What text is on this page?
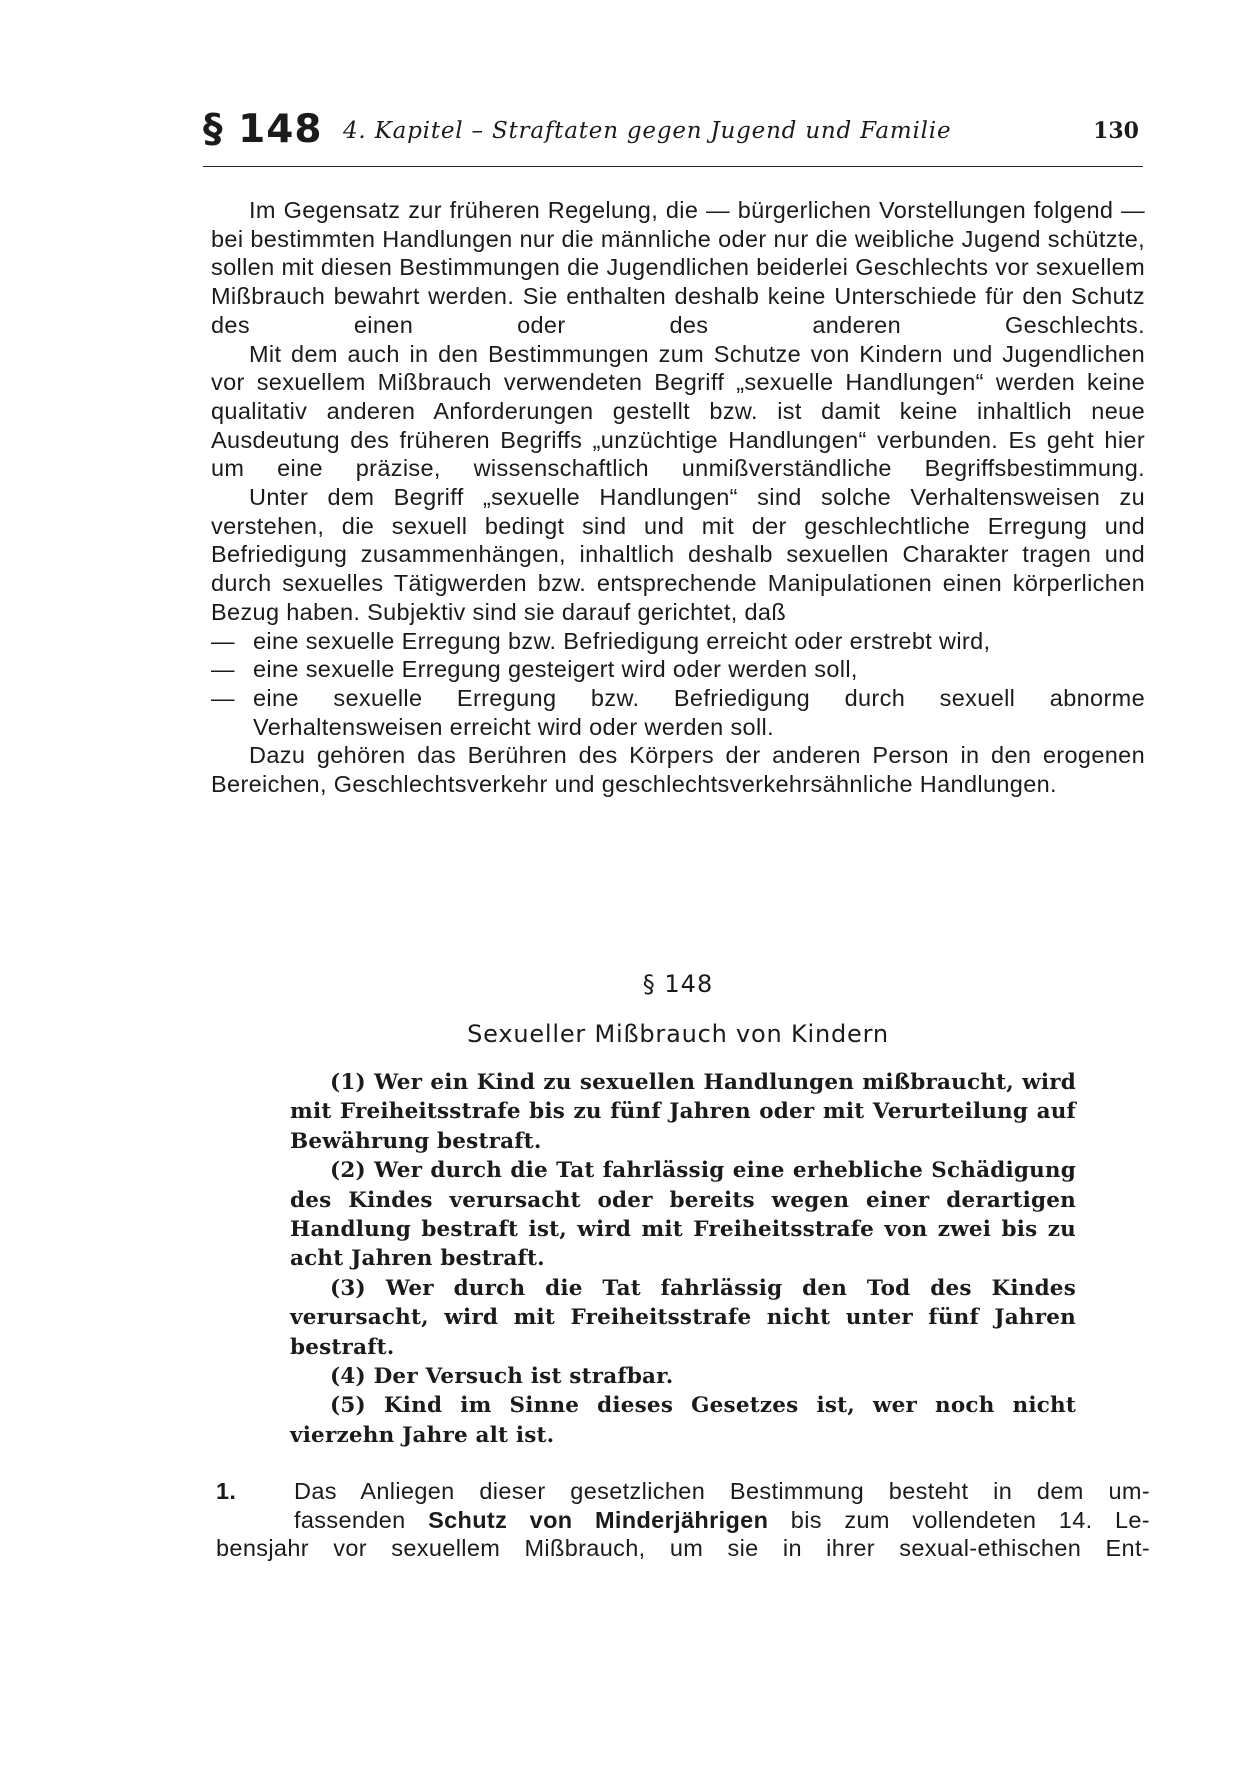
§ 148 4. Kapitel – Straftaten gegen Jugend und Familie	130

Im Gegensatz zur früheren Regelung, die — bürgerlichen Vorstellungen folgend — bei bestimmten Handlungen nur die männliche oder nur die weibliche Jugend schützte, sollen mit diesen Bestimmungen die Jugendlichen beiderlei Geschlechts vor sexuellem Mißbrauch bewahrt werden. Sie enthalten deshalb keine Unterschiede für den Schutz des einen oder des anderen Geschlechts.

Mit dem auch in den Bestimmungen zum Schutze von Kindern und Jugendlichen vor sexuellem Mißbrauch verwendeten Begriff „sexuelle Handlungen“ werden keine qualitativ anderen Anforderungen gestellt bzw. ist damit keine inhaltlich neue Ausdeutung des früheren Begriffs „unzüchtige Handlungen“ verbunden. Es geht hier um eine präzise, wissenschaftlich unmißverständliche Begriffsbestimmung.

Unter dem Begriff „sexuelle Handlungen“ sind solche Verhaltensweisen zu verstehen, die sexuell bedingt sind und mit der geschlechtliche Erregung und Befriedigung zusammenhängen, inhaltlich deshalb sexuellen Charakter tragen und durch sexuelles Tätigwerden bzw. entsprechende Manipulationen einen körperlichen Bezug haben. Subjektiv sind sie darauf gerichtet, daß

— eine sexuelle Erregung bzw. Befriedigung erreicht oder erstrebt wird,
— eine sexuelle Erregung gesteigert wird oder werden soll,
— eine sexuelle Erregung bzw. Befriedigung durch sexuell abnorme Verhaltensweisen erreicht wird oder werden soll.

Dazu gehören das Berühren des Körpers der anderen Person in den erogenen Bereichen, Geschlechtsverkehr und geschlechtsverkehrsähnliche Handlungen.

§ 148
Sexueller Mißbrauch von Kindern

(1) Wer ein Kind zu sexuellen Handlungen mißbraucht, wird mit Freiheitsstrafe bis zu fünf Jahren oder mit Verurteilung auf Bewährung bestraft.

(2) Wer durch die Tat fahrlässig eine erhebliche Schädigung des Kindes verursacht oder bereits wegen einer derartigen Handlung bestraft ist, wird mit Freiheitsstrafe von zwei bis zu acht Jahren bestraft.

(3) Wer durch die Tat fahrlässig den Tod des Kindes verursacht, wird mit Freiheitsstrafe nicht unter fünf Jahren bestraft.

(4) Der Versuch ist strafbar.

(5) Kind im Sinne dieses Gesetzes ist, wer noch nicht vierzehn Jahre alt ist.

1.	Das Anliegen dieser gesetzlichen Bestimmung besteht in dem um-
fassenden Schutz von Minderjährigen bis zum vollendeten 14. Le-
bensjahr vor sexuellem Mißbrauch, um sie in ihrer sexual-ethischen Ent-
